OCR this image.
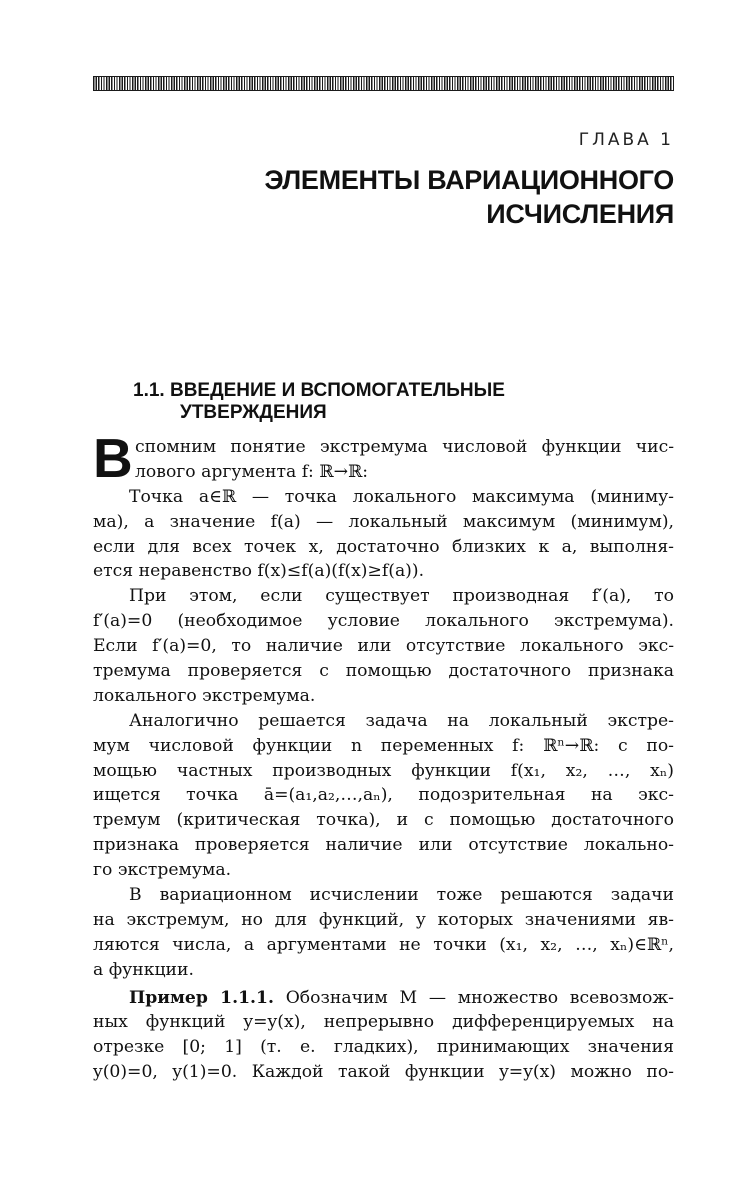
ГЛАВА 1
ЭЛЕМЕНТЫ ВАРИАЦИОННОГО
ИСЧИСЛЕНИЯ
1.1. ВВЕДЕНИЕ И ВСПОМОГАТЕЛЬНЫЕ
УТВЕРЖДЕНИЯ
В спомним понятие экстремума числовой функции чис-
лового аргумента f: ℝ→ℝ:
Точка a∈ℝ — точка локального максимума (миниму-
ма), а значение f(a) — локальный максимум (минимум),
если для всех точек x, достаточно близких к a, выполня-
ется неравенство f(x)≤f(a)(f(x)≥f(a)).
При этом, если существует производная f′(a), то
f′(a)=0 (необходимое условие локального экстремума).
Если f′(a)=0, то наличие или отсутствие локального экс-
тремума проверяется с помощью достаточного признака
локального экстремума.
Аналогично решается задача на локальный экстре-
мум числовой функции n переменных f: ℝⁿ→ℝ: с по-
мощью частных производных функции f(x₁, x₂, …, xₙ)
ищется точка ā=(a₁,a₂,…,aₙ), подозрительная на экс-
тремум (критическая точка), и с помощью достаточного
признака проверяется наличие или отсутствие локально-
го экстремума.
В вариационном исчислении тоже решаются задачи
на экстремум, но для функций, у которых значениями яв-
ляются числа, а аргументами не точки (x₁, x₂, …, xₙ)∈ℝⁿ,
а функции.
Пример 1.1.1. Обозначим M — множество всевозмож-
ных функций y=y(x), непрерывно дифференцируемых на
отрезке [0; 1] (т. е. гладких), принимающих значения
y(0)=0, y(1)=0. Каждой такой функции y=y(x) можно по-
